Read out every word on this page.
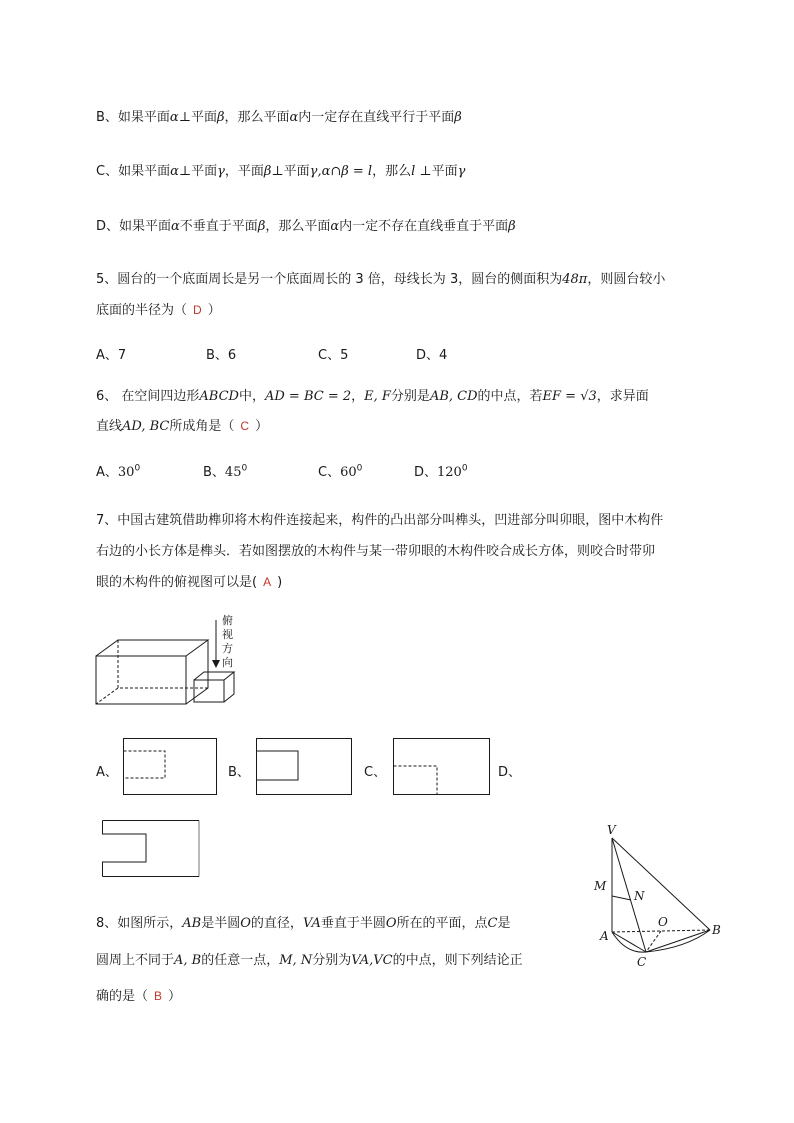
B、如果平面α⊥平面β，那么平面α内一定存在直线平行于平面β
C、如果平面α⊥平面γ，平面β⊥平面γ,α∩β = l，那么l ⊥平面γ
D、如果平面α不垂直于平面β，那么平面α内一定不存在直线垂直于平面β
5、圆台的一个底面周长是另一个底面周长的 3 倍，母线长为 3，圆台的侧面积为48π，则圆台较小
底面的半径为（ D ）
A、7	B、6	C、5	D、4
6、 在空间四边形ABCD中，AD = BC = 2，E, F分别是AB, CD的中点，若EF = √3，求异面
直线AD, BC所成角是（ C ）
A、$30^0$	B、$45^0$	C、$60^0$	D、$120^0$
7、中国古建筑借助榫卯将木构件连接起来，构件的凸出部分叫榫头，凹进部分叫卯眼，图中木构件
右边的小长方体是榫头．若如图摆放的木构件与某一带卯眼的木构件咬合成长方体，则咬合时带卯
眼的木构件的俯视图可以是( A )
俯
视
方
向
A、	B、	C、	D、
8、如图所示，AB是半圆O的直径，VA垂直于半圆O所在的平面，点C是
圆周上不同于A, B的任意一点，M, N分别为VA,VC的中点，则下列结论正
确的是（ B ）
V
M
N
O
A	B
C
